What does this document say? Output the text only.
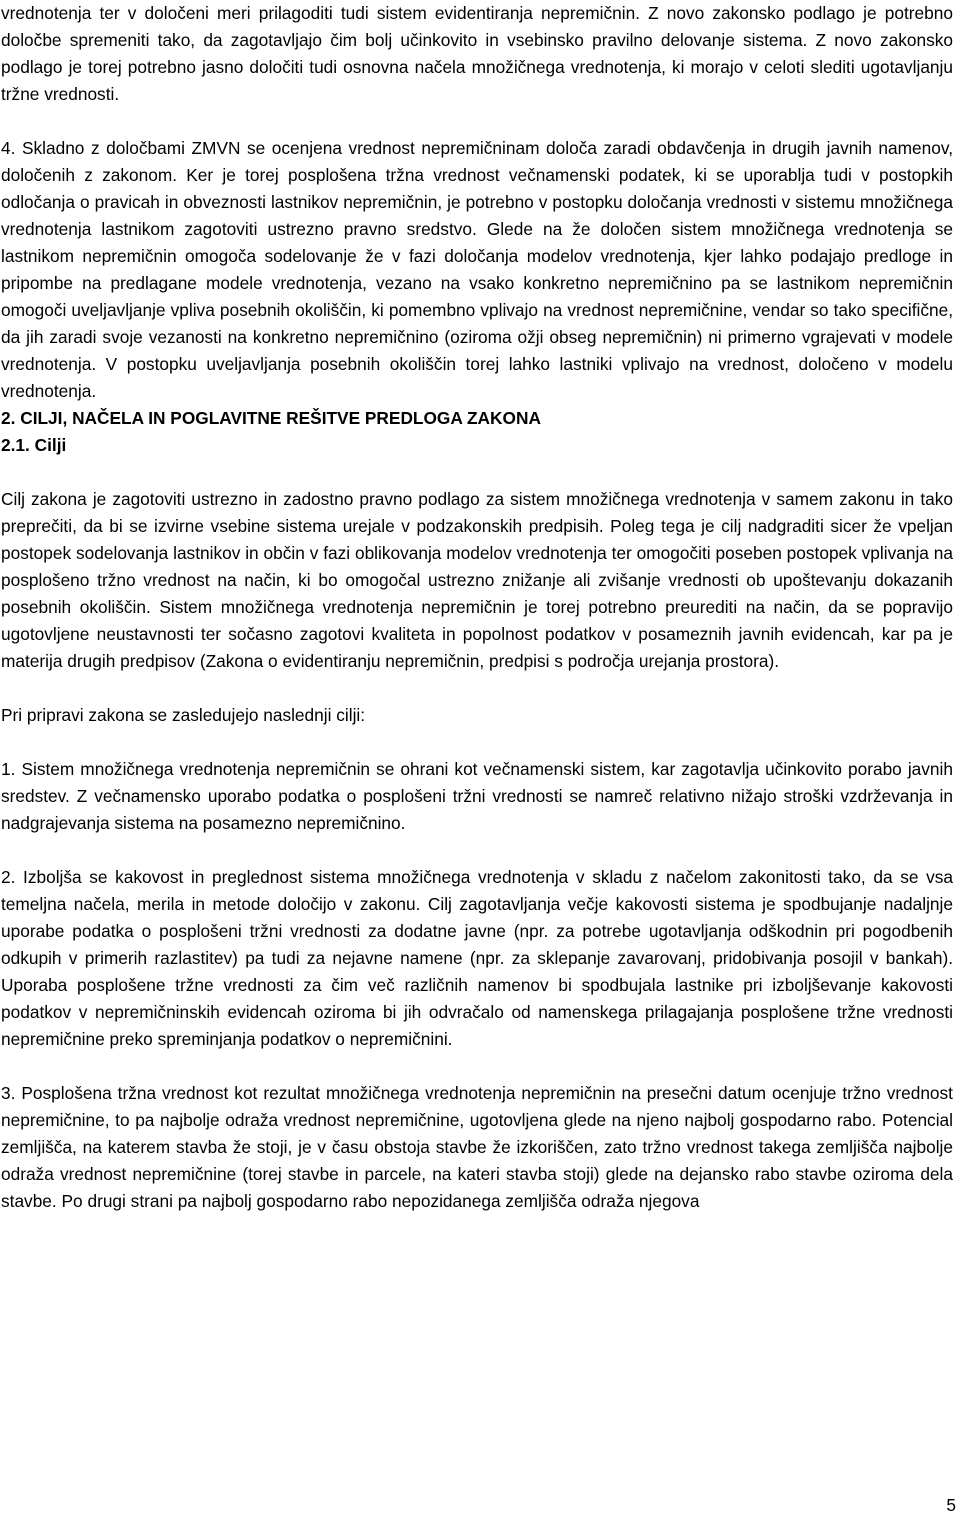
vrednotenja ter v določeni meri prilagoditi tudi sistem evidentiranja nepremičnin. Z novo zakonsko podlago je potrebno določbe spremeniti tako, da zagotavljajo čim bolj učinkovito in vsebinsko pravilno delovanje sistema. Z novo zakonsko podlago je torej potrebno jasno določiti tudi osnovna načela množičnega vrednotenja, ki morajo v celoti slediti ugotavljanju tržne vrednosti.

4. Skladno z določbami ZMVN se ocenjena vrednost nepremičninam določa zaradi obdavčenja in drugih javnih namenov, določenih z zakonom. Ker je torej posplošena tržna vrednost večnamenski podatek, ki se uporablja tudi v postopkih odločanja o pravicah in obveznosti lastnikov nepremičnin, je potrebno v postopku določanja vrednosti v sistemu množičnega vrednotenja lastnikom zagotoviti ustrezno pravno sredstvo. Glede na že določen sistem množičnega vrednotenja se lastnikom nepremičnin omogoča sodelovanje že v fazi določanja modelov vrednotenja, kjer lahko podajajo predloge in pripombe na predlagane modele vrednotenja, vezano na vsako konkretno nepremičnino pa se lastnikom nepremičnin omogoči uveljavljanje vpliva posebnih okoliščin, ki pomembno vplivajo na vrednost nepremičnine, vendar so tako specifične, da jih zaradi svoje vezanosti na konkretno nepremičnino (oziroma ožji obseg nepremičnin) ni primerno vgrajevati v modele vrednotenja. V postopku uveljavljanja posebnih okoliščin torej lahko lastniki vplivajo na vrednost, določeno v modelu vrednotenja.

2. CILJI, NAČELA IN POGLAVITNE REŠITVE PREDLOGA ZAKONA
2.1. Cilji

Cilj zakona je zagotoviti ustrezno in zadostno pravno podlago za sistem množičnega vrednotenja v samem zakonu in tako preprečiti, da bi se izvirne vsebine sistema urejale v podzakonskih predpisih. Poleg tega je cilj nadgraditi sicer že vpeljan postopek sodelovanja lastnikov in občin v fazi oblikovanja modelov vrednotenja ter omogočiti poseben postopek vplivanja na posplošeno tržno vrednost na način, ki bo omogočal ustrezno znižanje ali zvišanje vrednosti ob upoštevanju dokazanih posebnih okoliščin. Sistem množičnega vrednotenja nepremičnin je torej potrebno preurediti na način, da se popravijo ugotovljene neustavnosti ter sočasno zagotovi kvaliteta in popolnost podatkov v posameznih javnih evidencah, kar pa je materija drugih predpisov (Zakona o evidentiranju nepremičnin, predpisi s področja urejanja prostora).

Pri pripravi zakona se zasledujejo naslednji cilji:

1. Sistem množičnega vrednotenja nepremičnin se ohrani kot večnamenski sistem, kar zagotavlja učinkovito porabo javnih sredstev. Z večnamensko uporabo podatka o posplošeni tržni vrednosti se namreč relativno nižajo stroški vzdrževanja in nadgrajevanja sistema na posamezno nepremičnino.

2. Izboljša se kakovost in preglednost sistema množičnega vrednotenja v skladu z načelom zakonitosti tako, da se vsa temeljna načela, merila in metode določijo v zakonu. Cilj zagotavljanja večje kakovosti sistema je spodbujanje nadaljnje uporabe podatka o posplošeni tržni vrednosti za dodatne javne (npr. za potrebe ugotavljanja odškodnin pri pogodbenih odkupih v primerih razlastitev) pa tudi za nejavne namene (npr. za sklepanje zavarovanj, pridobivanja posojil v bankah). Uporaba posplošene tržne vrednosti za čim več različnih namenov bi spodbujala lastnike pri izboljševanje kakovosti podatkov v nepremičninskih evidencah oziroma bi jih odvračalo od namenskega prilagajanja posplošene tržne vrednosti nepremičnine preko spreminjanja podatkov o nepremičnini.

3. Posplošena tržna vrednost kot rezultat množičnega vrednotenja nepremičnin na presečni datum ocenjuje tržno vrednost nepremičnine, to pa najbolje odraža vrednost nepremičnine, ugotovljena glede na njeno najbolj gospodarno rabo. Potencial zemljišča, na katerem stavba že stoji, je v času obstoja stavbe že izkoriščen, zato tržno vrednost takega zemljišča najbolje odraža vrednost nepremičnine (torej stavbe in parcele, na kateri stavba stoji) glede na dejansko rabo stavbe oziroma dela stavbe. Po drugi strani pa najbolj gospodarno rabo nepozidanega zemljišča odraža njegova

5
